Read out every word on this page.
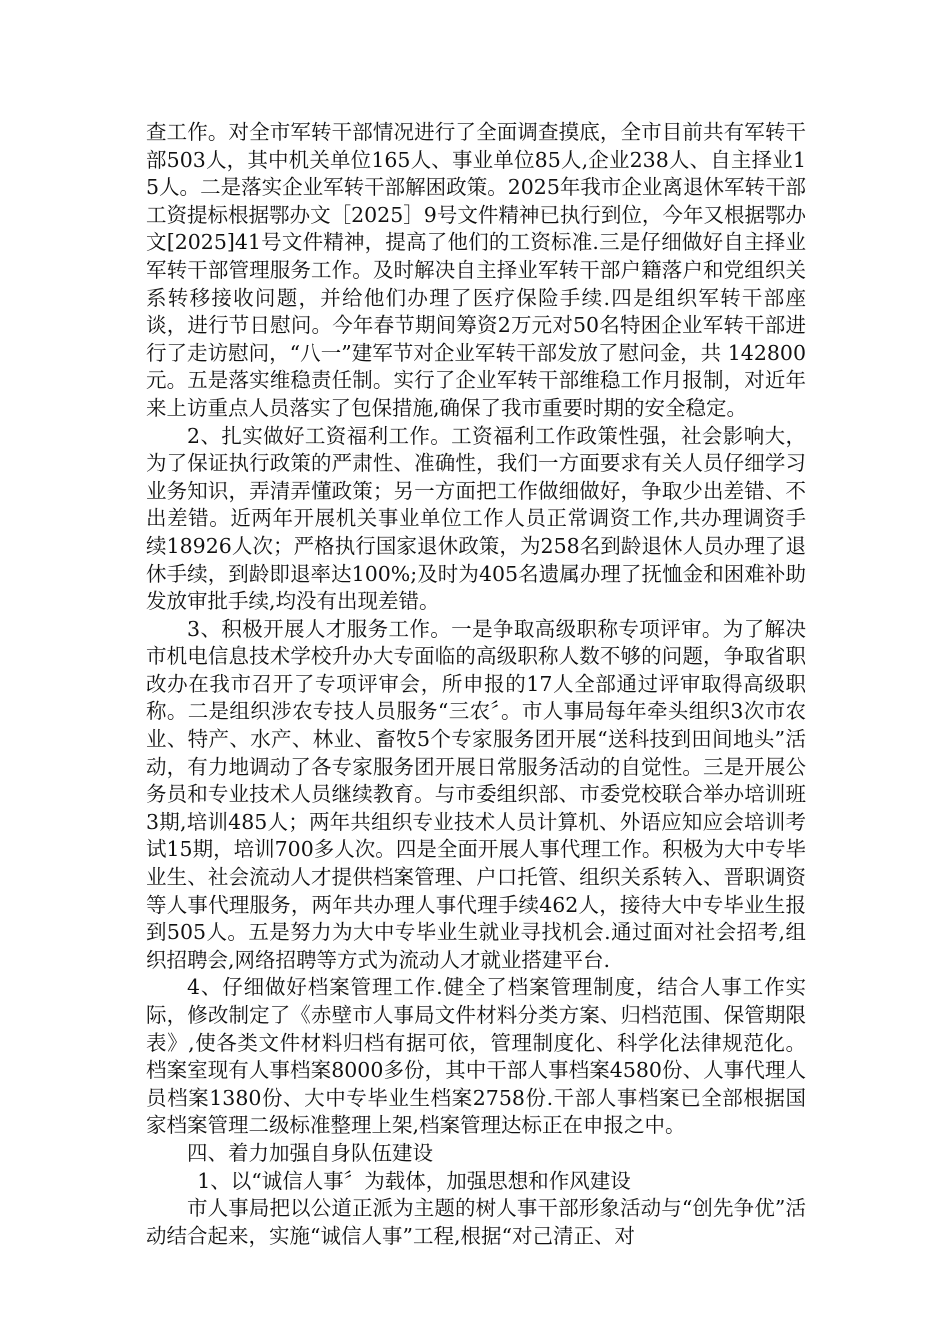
查工作。对全市军转干部情况进行了全面调查摸底，全市目前共有军转干部503人，其中机关单位165人、事业单位85人,企业238人、自主择业15人。二是落实企业军转干部解困政策。2025年我市企业离退休军转干部工资提标根据鄂办文［2025］9号文件精神已执行到位，今年又根据鄂办文[2025]41号文件精神，提高了他们的工资标准.三是仔细做好自主择业军转干部管理服务工作。及时解决自主择业军转干部户籍落户和党组织关系转移接收问题，并给他们办理了医疗保险手续.四是组织军转干部座谈，进行节日慰问。今年春节期间筹资2万元对50名特困企业军转干部进行了走访慰问，“八一”建军节对企业军转干部发放了慰问金，共 142800元。五是落实维稳责任制。实行了企业军转干部维稳工作月报制，对近年来上访重点人员落实了包保措施,确保了我市重要时期的安全稳定。

2、扎实做好工资福利工作。工资福利工作政策性强，社会影响大，为了保证执行政策的严肃性、准确性，我们一方面要求有关人员仔细学习业务知识，弄清弄懂政策；另一方面把工作做细做好，争取少出差错、不出差错。近两年开展机关事业单位工作人员正常调资工作,共办理调资手续18926人次；严格执行国家退休政策，为258名到龄退休人员办理了退休手续，到龄即退率达100%;及时为405名遗属办理了抚恤金和困难补助发放审批手续,均没有出现差错。

3、积极开展人才服务工作。一是争取高级职称专项评审。为了解决市机电信息技术学校升办大专面临的高级职称人数不够的问题，争取省职改办在我市召开了专项评审会，所申报的17人全部通过评审取得高级职称。二是组织涉农专技人员服务“三农〞。市人事局每年牵头组织3次市农业、特产、水产、林业、畜牧5个专家服务团开展“送科技到田间地头”活动，有力地调动了各专家服务团开展日常服务活动的自觉性。三是开展公务员和专业技术人员继续教育。与市委组织部、市委党校联合举办培训班3期,培训485人；两年共组织专业技术人员计算机、外语应知应会培训考试15期，培训700多人次。四是全面开展人事代理工作。积极为大中专毕业生、社会流动人才提供档案管理、户口托管、组织关系转入、晋职调资等人事代理服务，两年共办理人事代理手续462人，接待大中专毕业生报到505人。五是努力为大中专毕业生就业寻找机会.通过面对社会招考,组织招聘会,网络招聘等方式为流动人才就业搭建平台.

4、仔细做好档案管理工作.健全了档案管理制度，结合人事工作实际，修改制定了《赤壁市人事局文件材料分类方案、归档范围、保管期限表》,使各类文件材料归档有据可依，管理制度化、科学化法律规范化。档案室现有人事档案8000多份，其中干部人事档案4580份、人事代理人员档案1380份、大中专毕业生档案2758份.干部人事档案已全部根据国家档案管理二级标准整理上架,档案管理达标正在申报之中。

四、着力加强自身队伍建设

1、以“诚信人事〞为载体，加强思想和作风建设

市人事局把以公道正派为主题的树人事干部形象活动与“创先争优”活动结合起来，实施“诚信人事”工程,根据“对己清正、对
